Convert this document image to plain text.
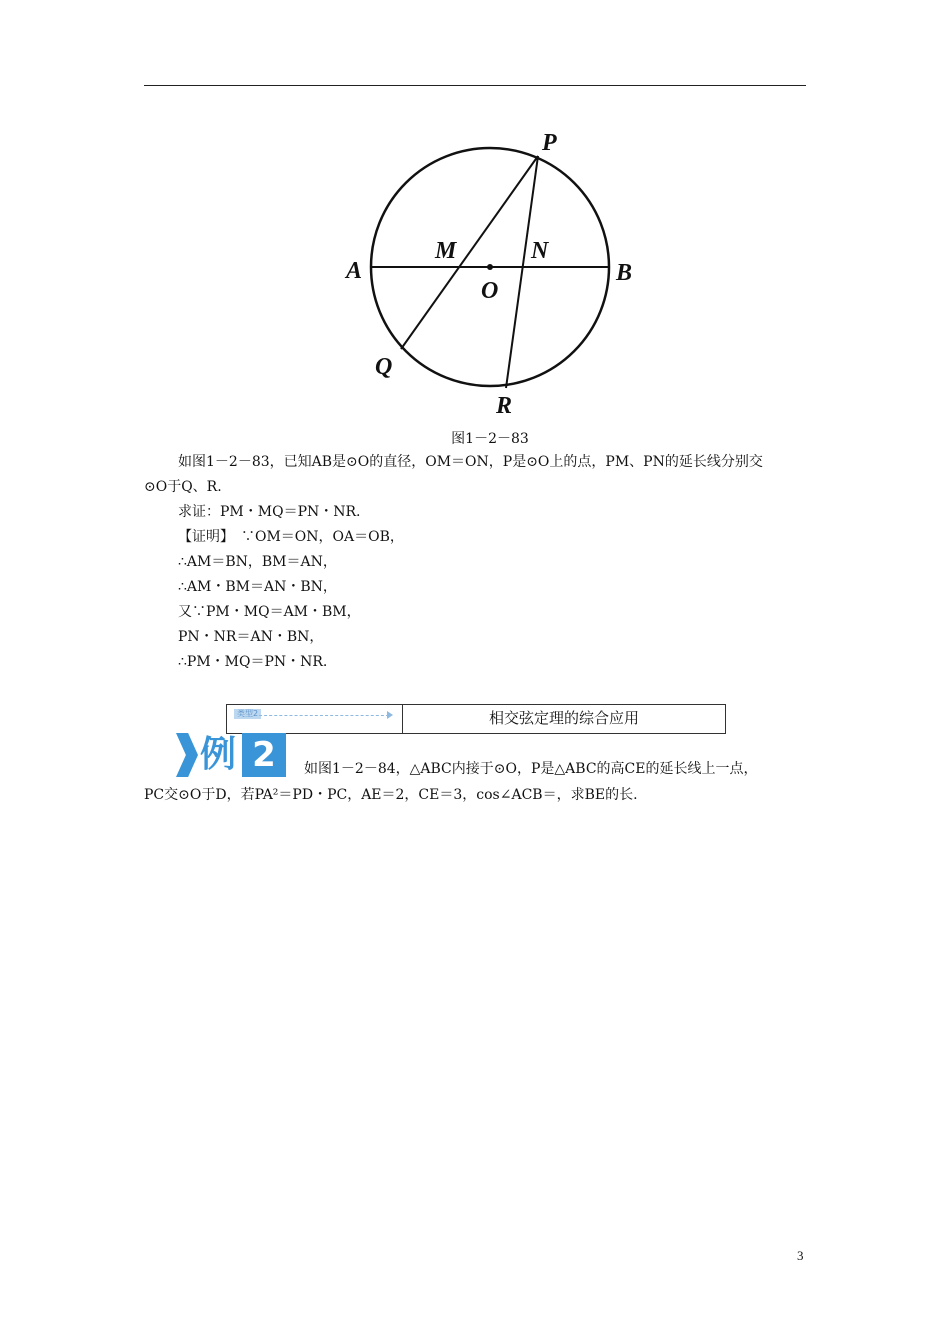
P
M	N
A	B
O
Q
R
图1－2－83
如图1－2－83，已知AB是⊙O的直径，OM＝ON，P是⊙O上的点，PM、PN的延长线分别交
⊙O于Q、R.
求证：PM・MQ＝PN・NR.
【证明】　∵OM＝ON，OA＝OB，
∴AM＝BN，BM＝AN，
∴AM・BM＝AN・BN，
又∵PM・MQ＝AM・BM，
PN・NR＝AN・BN，
∴PM・MQ＝PN・NR.
类型2	相交弦定理的综合应用
例 2	如图1－2－84，△ABC内接于⊙O，P是△ABC的高CE的延长线上一点，
PC交⊙O于D，若PA²＝PD・PC，AE＝2，CE＝3，cos∠ACB＝，求BE的长.
3
